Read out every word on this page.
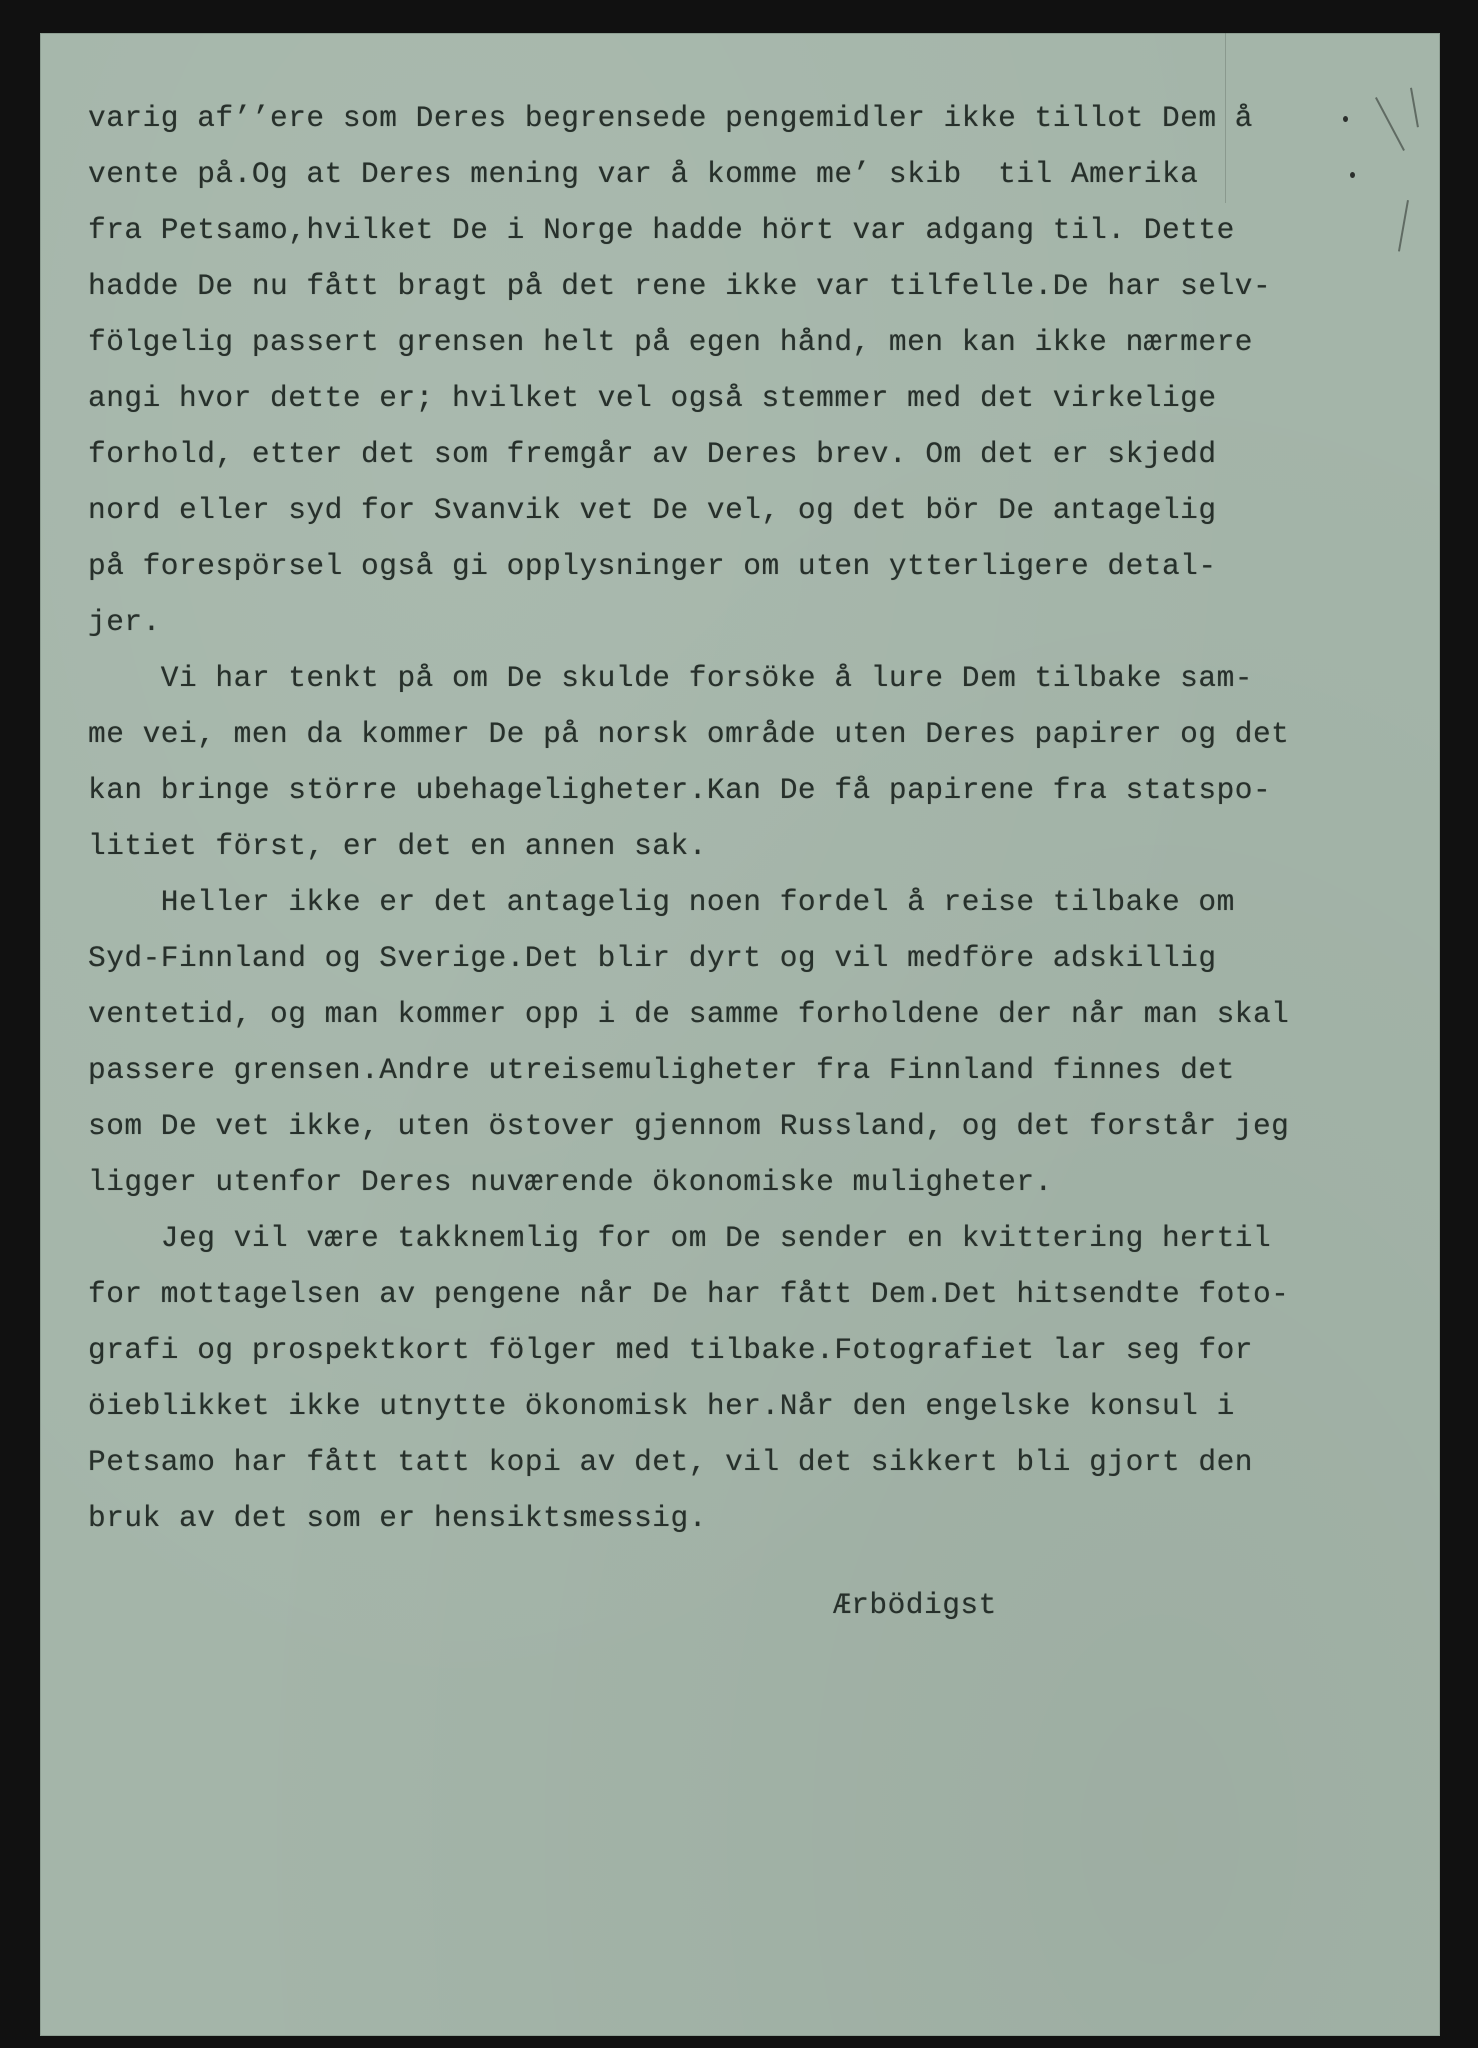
varig af’’ere som Deres begrensede pengemidler ikke tillot Dem å
vente på.Og at Deres mening var å komme me’ skib  til Amerika
fra Petsamo,hvilket De i Norge hadde hört var adgang til. Dette
hadde De nu fått bragt på det rene ikke var tilfelle.De har selv-
fölgelig passert grensen helt på egen hånd, men kan ikke nærmere
angi hvor dette er; hvilket vel også stemmer med det virkelige
forhold, etter det som fremgår av Deres brev. Om det er skjedd
nord eller syd for Svanvik vet De vel, og det bör De antagelig
på forespörsel også gi opplysninger om uten ytterligere detal-
jer.
Vi har tenkt på om De skulde forsöke å lure Dem tilbake sam-
me vei, men da kommer De på norsk område uten Deres papirer og det
kan bringe större ubehageligheter.Kan De få papirene fra statspo-
litiet först, er det en annen sak.
Heller ikke er det antagelig noen fordel å reise tilbake om
Syd-Finnland og Sverige.Det blir dyrt og vil medföre adskillig
ventetid, og man kommer opp i de samme forholdene der når man skal
passere grensen.Andre utreisemuligheter fra Finnland finnes det
som De vet ikke, uten östover gjennom Russland, og det forstår jeg
ligger utenfor Deres nuværende ökonomiske muligheter.
Jeg vil være takknemlig for om De sender en kvittering hertil
for mottagelsen av pengene når De har fått Dem.Det hitsendte foto-
grafi og prospektkort fölger med tilbake.Fotografiet lar seg for
öieblikket ikke utnytte ökonomisk her.Når den engelske konsul i
Petsamo har fått tatt kopi av det, vil det sikkert bli gjort den
bruk av det som er hensiktsmessig.
Ærbödigst
